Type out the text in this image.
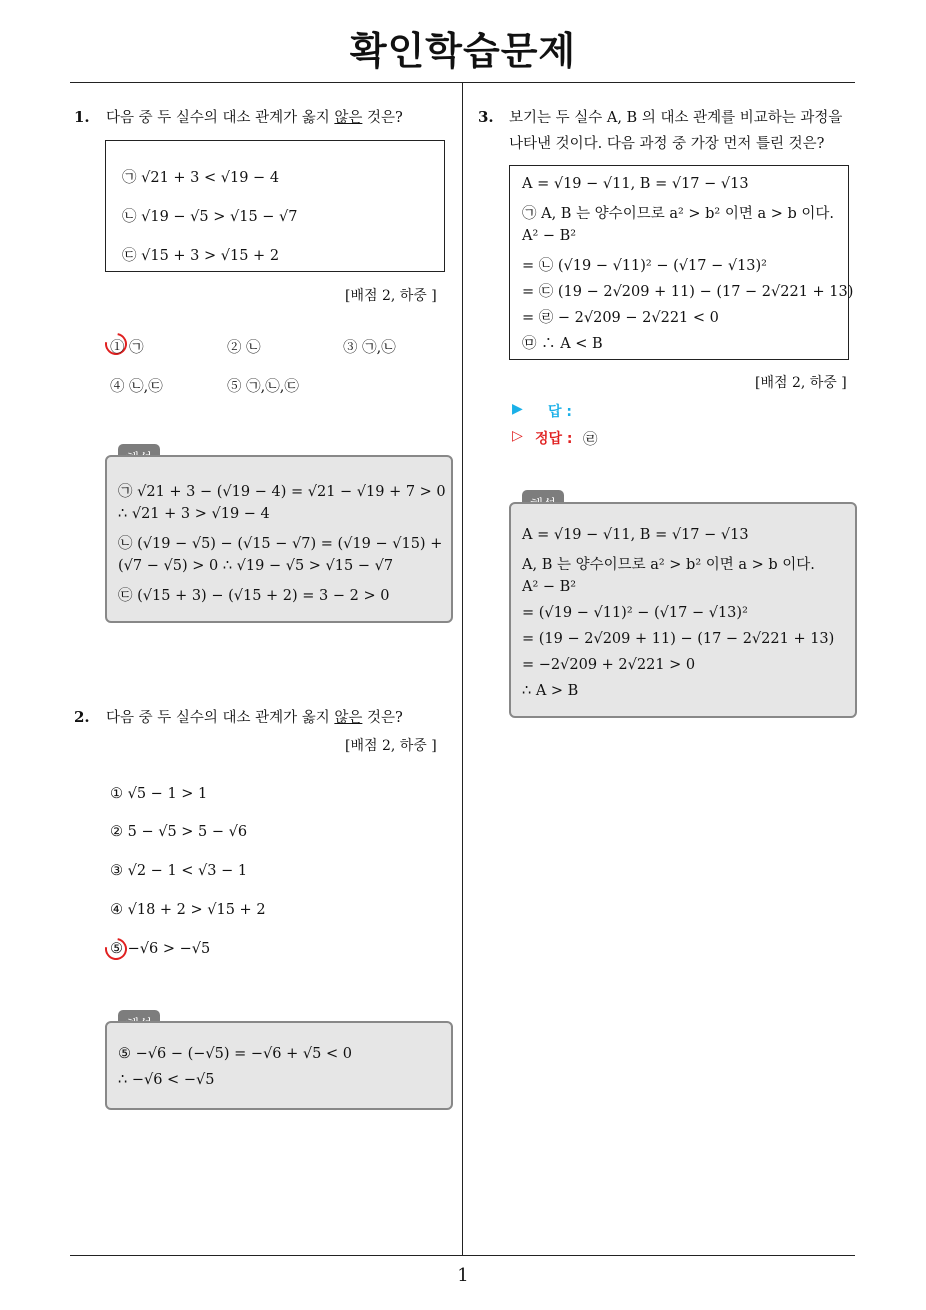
확인학습문제
1
1. 다음 중 두 실수의 대소 관계가 옳지 않은 것은?
㉠ √21 + 3 < √19 − 4
㉡ √19 − √5 > √15 − √7
㉢ √15 + 3 > √15 + 2
[배점 2, 하중 ]
① ㉠	② ㉡	③ ㉠,㉡
④ ㉡,㉢	⑤ ㉠,㉡,㉢
㉠ √21 + 3 − (√19 − 4) = √21 − √19 + 7 > 0
∴ √21 + 3 > √19 − 4
㉡ (√19 − √5) − (√15 − √7) = (√19 − √15) +
(√7 − √5) > 0 ∴ √19 − √5 > √15 − √7
㉢ (√15 + 3) − (√15 + 2) = 3 − 2 > 0
2. 다음 중 두 실수의 대소 관계가 옳지 않은 것은?
[배점 2, 하중 ]
① √5 − 1 > 1
② 5 − √5 > 5 − √6
③ √2 − 1 < √3 − 1
④ √18 + 2 > √15 + 2
⑤ −√6 > −√5
⑤ −√6 − (−√5) = −√6 + √5 < 0
∴ −√6 < −√5
3. 보기는 두 실수 A, B 의 대소 관계를 비교하는 과정을
나타낸 것이다. 다음 과정 중 가장 먼저 틀린 것은?
A = √19 − √11, B = √17 − √13
㉠ A, B 는 양수이므로 a² > b² 이면 a > b 이다.
A² − B²
= ㉡ (√19 − √11)² − (√17 − √13)²
= ㉢ (19 − 2√209 + 11) − (17 − 2√221 + 13)
= ㉣ − 2√209 − 2√221 < 0
㉤ ∴ A < B
[배점 2, 하중 ]
▶ 답 :
▷ 정답 : ㉣
A = √19 − √11, B = √17 − √13
A, B 는 양수이므로 a² > b² 이면 a > b 이다.
A² − B²
= (√19 − √11)² − (√17 − √13)²
= (19 − 2√209 + 11) − (17 − 2√221 + 13)
= −2√209 + 2√221 > 0
∴ A > B
